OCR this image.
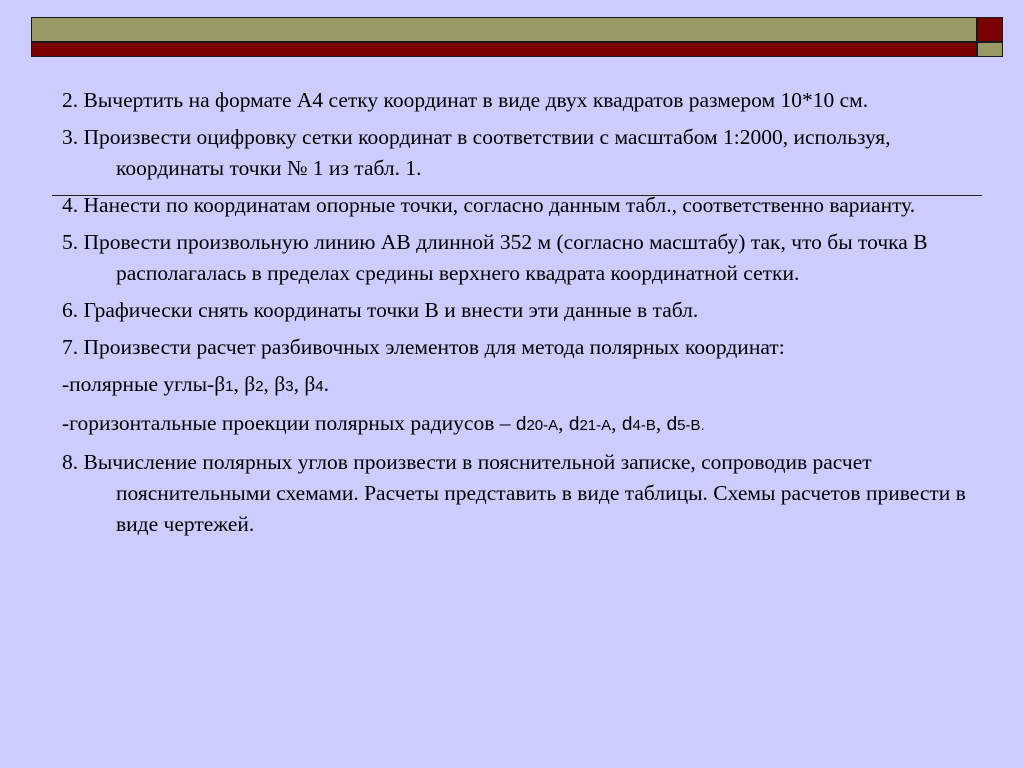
2. Вычертить на формате А4 сетку координат в виде двух квадратов размером 10*10 см.
3. Произвести оцифровку сетки координат в соответствии с масштабом 1:2000, используя, координаты точки № 1 из табл. 1.
4. Нанести по координатам опорные точки, согласно данным табл., соответственно варианту.
5. Провести произвольную линию АВ длинной 352 м (согласно масштабу) так, что бы точка В располагалась в пределах средины верхнего квадрата координатной сетки.
6. Графически снять координаты точки В и внести эти данные в табл.
7. Произвести расчет разбивочных элементов для метода полярных координат:
-полярные углы-β1, β2, β3, β4.
-горизонтальные проекции полярных радиусов – d20-A, d21-A, d4-B, d5-B.
8. Вычисление полярных углов произвести в пояснительной записке, сопроводив расчет пояснительными схемами. Расчеты представить в виде таблицы. Схемы расчетов привести в виде чертежей.
